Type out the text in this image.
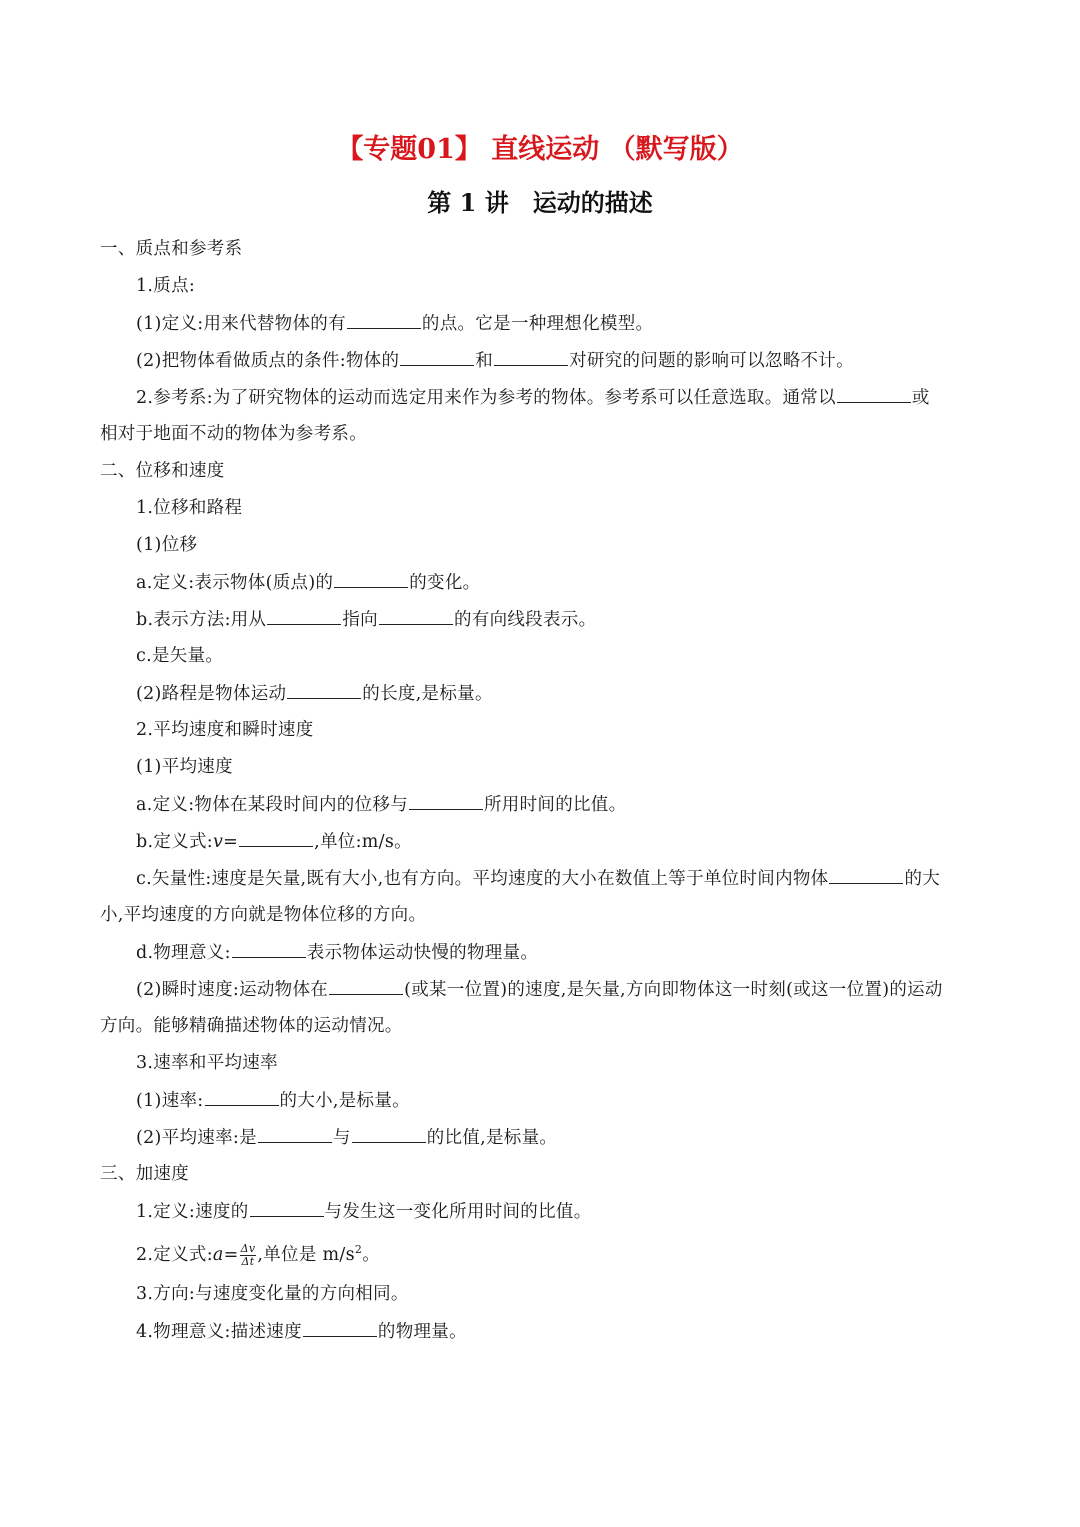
【专题01】 直线运动 （默写版）
第 1 讲　运动的描述
一、质点和参考系
1.质点:
(1)定义:用来代替物体的有	的点。它是一种理想化模型。
(2)把物体看做质点的条件:物体的	和	对研究的问题的影响可以忽略不计。
2.参考系:为了研究物体的运动而选定用来作为参考的物体。参考系可以任意选取。通常以	或
相对于地面不动的物体为参考系。
二、位移和速度
1.位移和路程
(1)位移
a.定义:表示物体(质点)的	的变化。
b.表示方法:用从	指向	的有向线段表示。
c.是矢量。
(2)路程是物体运动	的长度,是标量。
2.平均速度和瞬时速度
(1)平均速度
a.定义:物体在某段时间内的位移与	所用时间的比值。
b.定义式:v=	,单位:m/s。
c.矢量性:速度是矢量,既有大小,也有方向。平均速度的大小在数值上等于单位时间内物体	的大
小,平均速度的方向就是物体位移的方向。
d.物理意义:	表示物体运动快慢的物理量。
(2)瞬时速度:运动物体在	(或某一位置)的速度,是矢量,方向即物体这一时刻(或这一位置)的运动
方向。能够精确描述物体的运动情况。
3.速率和平均速率
(1)速率:	的大小,是标量。
(2)平均速率:是	与	的比值,是标量。
三、加速度
1.定义:速度的	与发生这一变化所用时间的比值。
2.定义式:a= $\frac{\Delta v}{\Delta t}$ ,单位是 $m/s^2$。
3.方向:与速度变化量的方向相同。
4.物理意义:描述速度	的物理量。
